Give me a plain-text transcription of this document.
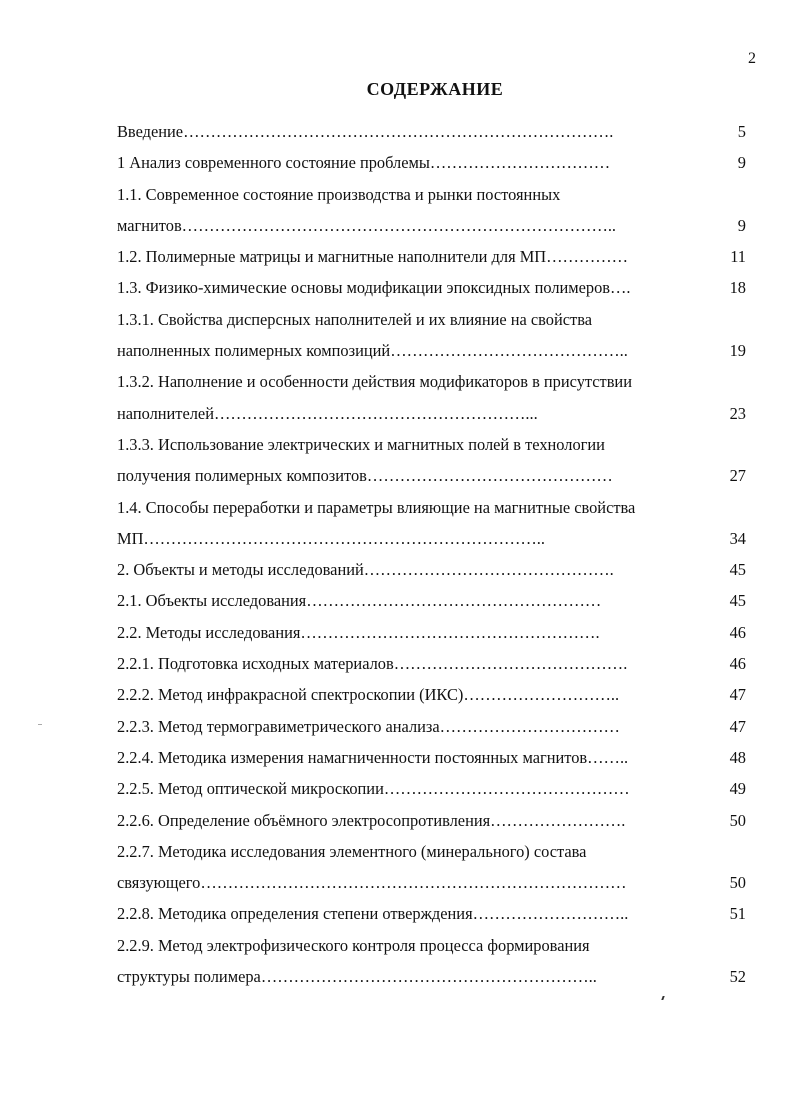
2
СОДЕРЖАНИЕ
Введение…………………………………………………………………….	5
1 Анализ современного состояние проблемы……………………………	9
1.1. Современное состояние производства и рынки постоянных
магнитов……………………………………………………………………..	9
1.2. Полимерные матрицы и магнитные наполнители для МП……………	11
1.3. Физико-химические основы модификации эпоксидных полимеров….	18
1.3.1. Свойства дисперсных наполнителей и их влияние на свойства
наполненных полимерных композиций……………………………………..	19
1.3.2. Наполнение и особенности действия модификаторов в присутствии
наполнителей…………………………………………………...	23
1.3.3. Использование электрических и магнитных полей в технологии
получения полимерных композитов………………………………………	27
1.4. Способы переработки и параметры влияющие на магнитные свойства
МП………………………………………………………………..	34
2. Объекты и методы исследований……………………………………….	45
2.1. Объекты исследования………………………………………………	45
2.2. Методы исследования……………………………………………….	46
2.2.1. Подготовка исходных материалов…………………………………….	46
2.2.2. Метод инфракрасной спектроскопии (ИКС)………………………..	47
2.2.3. Метод термогравиметрического анализа……………………………	47
2.2.4. Методика измерения намагниченности постоянных магнитов……..	48
2.2.5. Метод оптической микроскопии………………………………………	49
2.2.6. Определение объёмного электросопротивления…………………….	50
2.2.7. Методика исследования элементного (минерального) состава
связующего……………………………………………………………………	50
2.2.8. Методика определения степени отверждения………………………..	51
2.2.9. Метод электрофизического контроля процесса формирования
структуры полимера……………………………………………………..	52
